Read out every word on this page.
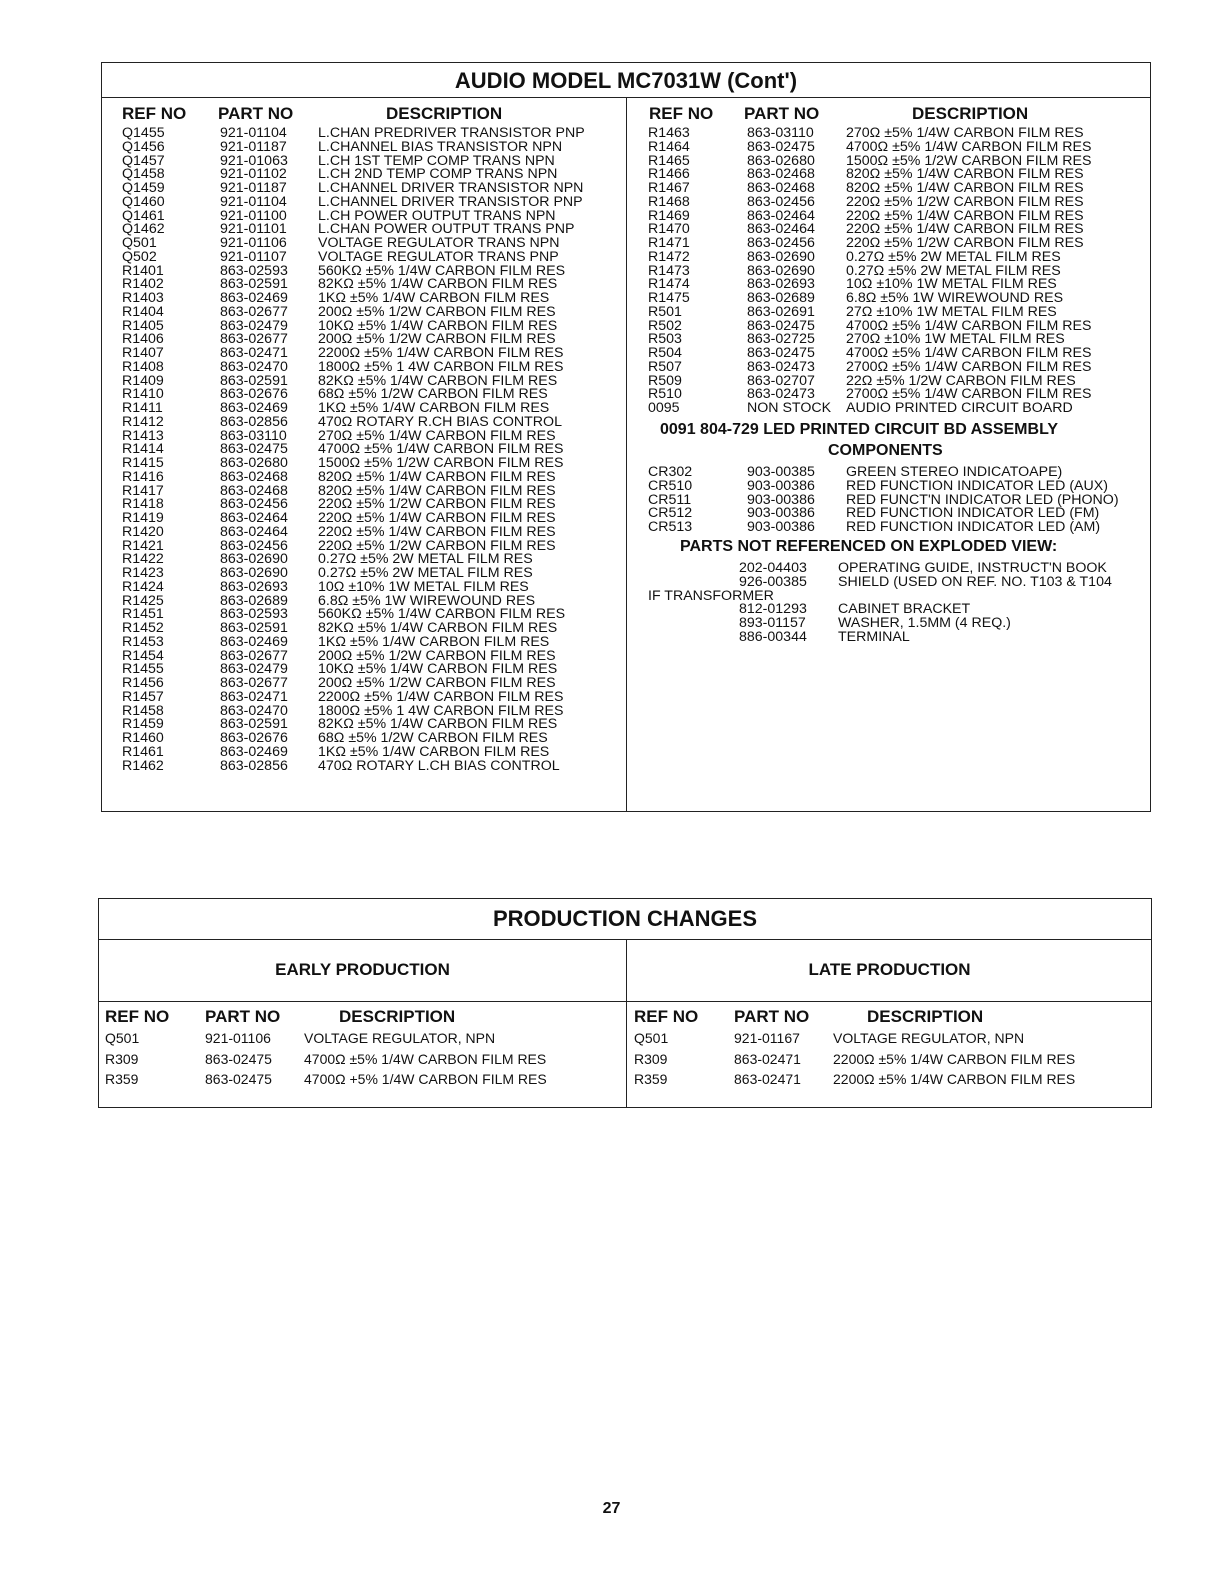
AUDIO MODEL MC7031W (Cont')
REF NO PART NO	DESCRIPTION	REF NO PART NO	DESCRIPTION
Q1455	921-01104 L.CHAN PREDRIVER TRANSISTOR PNP
Q1456	921-01187 L.CHANNEL BIAS TRANSISTOR NPN
Q1457	921-01063 L.CH 1ST TEMP COMP TRANS NPN
Q1458	921-01102 L.CH 2ND TEMP COMP TRANS NPN
Q1459	921-01187 L.CHANNEL DRIVER TRANSISTOR NPN
Q1460	921-01104 L.CHANNEL DRIVER TRANSISTOR PNP
Q1461	921-01100 L.CH POWER OUTPUT TRANS NPN
Q1462	921-01101 L.CHAN POWER OUTPUT TRANS PNP
Q501	921-01106 VOLTAGE REGULATOR TRANS NPN
Q502	921-01107 VOLTAGE REGULATOR TRANS PNP
R1401	863-02593 560KΩ ±5% 1/4W CARBON FILM RES
R1402	863-02591 82KΩ ±5% 1/4W CARBON FILM RES
R1403	863-02469 1KΩ ±5% 1/4W CARBON FILM RES
R1404	863-02677 200Ω ±5% 1/2W CARBON FILM RES
R1405	863-02479 10KΩ ±5% 1/4W CARBON FILM RES
R1406	863-02677 200Ω ±5% 1/2W CARBON FILM RES
R1407	863-02471 2200Ω ±5% 1/4W CARBON FILM RES
R1408	863-02470 1800Ω ±5% 1 4W CARBON FILM RES
R1409	863-02591 82KΩ ±5% 1/4W CARBON FILM RES
R1410	863-02676 68Ω ±5% 1/2W CARBON FILM RES
R1411	863-02469 1KΩ ±5% 1/4W CARBON FILM RES
R1412	863-02856 470Ω ROTARY R.CH BIAS CONTROL
R1413	863-03110 270Ω ±5% 1/4W CARBON FILM RES
R1414	863-02475 4700Ω ±5% 1/4W CARBON FILM RES
R1415	863-02680 1500Ω ±5% 1/2W CARBON FILM RES
R1416	863-02468 820Ω ±5% 1/4W CARBON FILM RES
R1417	863-02468 820Ω ±5% 1/4W CARBON FILM RES
R1418	863-02456 220Ω ±5% 1/2W CARBON FILM RES
R1419	863-02464 220Ω ±5% 1/4W CARBON FILM RES
R1420	863-02464 220Ω ±5% 1/4W CARBON FILM RES
R1421	863-02456 220Ω ±5% 1/2W CARBON FILM RES
R1422	863-02690 0.27Ω ±5% 2W METAL FILM RES
R1423	863-02690 0.27Ω ±5% 2W METAL FILM RES
R1424	863-02693 10Ω ±10% 1W METAL FILM RES
R1425	863-02689 6.8Ω ±5% 1W WIREWOUND RES
R1451	863-02593 560KΩ ±5% 1/4W CARBON FILM RES
R1452	863-02591 82KΩ ±5% 1/4W CARBON FILM RES
R1453	863-02469 1KΩ ±5% 1/4W CARBON FILM RES
R1454	863-02677 200Ω ±5% 1/2W CARBON FILM RES
R1455	863-02479 10KΩ ±5% 1/4W CARBON FILM RES
R1456	863-02677 200Ω ±5% 1/2W CARBON FILM RES
R1457	863-02471 2200Ω ±5% 1/4W CARBON FILM RES
R1458	863-02470 1800Ω ±5% 1 4W CARBON FILM RES
R1459	863-02591 82KΩ ±5% 1/4W CARBON FILM RES
R1460	863-02676 68Ω ±5% 1/2W CARBON FILM RES
R1461	863-02469 1KΩ ±5% 1/4W CARBON FILM RES
R1462	863-02856 470Ω ROTARY L.CH BIAS CONTROL
R1463	863-03110 270Ω ±5% 1/4W CARBON FILM RES
R1464	863-02475 4700Ω ±5% 1/4W CARBON FILM RES
R1465	863-02680 1500Ω ±5% 1/2W CARBON FILM RES
R1466	863-02468 820Ω ±5% 1/4W CARBON FILM RES
R1467	863-02468 820Ω ±5% 1/4W CARBON FILM RES
R1468	863-02456 220Ω ±5% 1/2W CARBON FILM RES
R1469	863-02464 220Ω ±5% 1/4W CARBON FILM RES
R1470	863-02464 220Ω ±5% 1/4W CARBON FILM RES
R1471	863-02456 220Ω ±5% 1/2W CARBON FILM RES
R1472	863-02690 0.27Ω ±5% 2W METAL FILM RES
R1473	863-02690 0.27Ω ±5% 2W METAL FILM RES
R1474	863-02693 10Ω ±10% 1W METAL FILM RES
R1475	863-02689 6.8Ω ±5% 1W WIREWOUND RES
R501	863-02691 27Ω ±10% 1W METAL FILM RES
R502	863-02475 4700Ω ±5% 1/4W CARBON FILM RES
R503	863-02725 270Ω ±10% 1W METAL FILM RES
R504	863-02475 4700Ω ±5% 1/4W CARBON FILM RES
R507	863-02473 2700Ω ±5% 1/4W CARBON FILM RES
R509	863-02707 22Ω ±5% 1/2W CARBON FILM RES
R510	863-02473 2700Ω ±5% 1/4W CARBON FILM RES
0095	NON STOCK AUDIO PRINTED CIRCUIT BOARD
0091 804-729 LED PRINTED CIRCUIT BD ASSEMBLY
COMPONENTS
CR302	903-00385 GREEN STEREO INDICATOAPE)
CR510	903-00386 RED FUNCTION INDICATOR LED (AUX)
CR511	903-00386 RED FUNCT'N INDICATOR LED (PHONO)
CR512	903-00386 RED FUNCTION INDICATOR LED (FM)
CR513	903-00386 RED FUNCTION INDICATOR LED (AM)
PARTS NOT REFERENCED ON EXPLODED VIEW:
202-04403 OPERATING GUIDE, INSTRUCT'N BOOK
926-00385 SHIELD (USED ON REF. NO. T103 & T104
IF TRANSFORMER
812-01293 CABINET BRACKET
893-01157 WASHER, 1.5MM (4 REQ.)
886-00344 TERMINAL
PRODUCTION CHANGES
EARLY PRODUCTION	LATE PRODUCTION
REF NO PART NO	DESCRIPTION	REF NO PART NO	DESCRIPTION
Q501	921-01106 VOLTAGE REGULATOR, NPN
R309	863-02475 4700Ω ±5% 1/4W CARBON FILM RES
R359	863-02475 4700Ω +5% 1/4W CARBON FILM RES
Q501	921-01167 VOLTAGE REGULATOR, NPN
R309	863-02471 2200Ω ±5% 1/4W CARBON FILM RES
R359	863-02471 2200Ω ±5% 1/4W CARBON FILM RES
27
